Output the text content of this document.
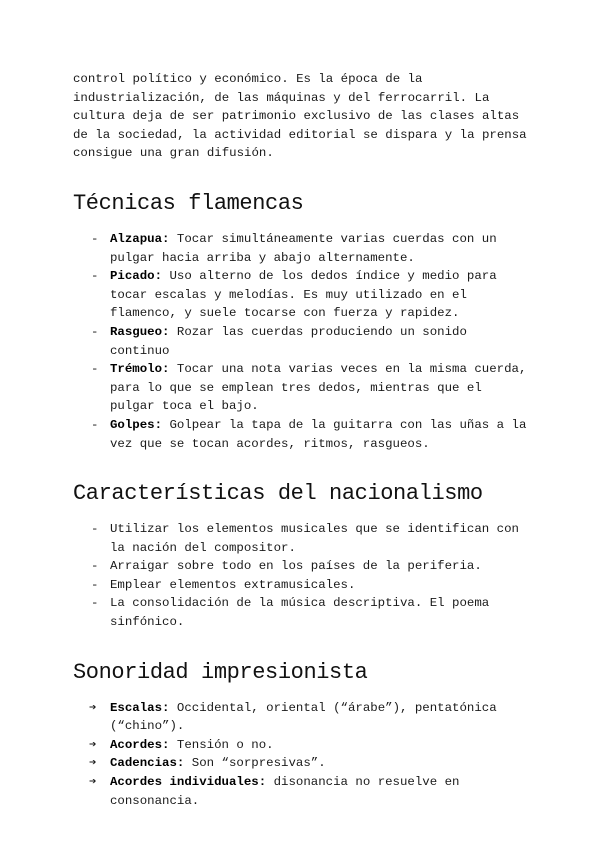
control político y económico. Es la época de la industrialización, de las máquinas y del ferrocarril. La cultura deja de ser patrimonio exclusivo de las clases altas de la sociedad, la actividad editorial se dispara y la prensa consigue una gran difusión.

Técnicas flamencas
- Alzapua: Tocar simultáneamente varias cuerdas con un pulgar hacia arriba y abajo alternamente.
- Picado: Uso alterno de los dedos índice y medio para tocar escalas y melodías. Es muy utilizado en el flamenco, y suele tocarse con fuerza y rapidez.
- Rasgueo: Rozar las cuerdas produciendo un sonido continuo
- Trémolo: Tocar una nota varias veces en la misma cuerda, para lo que se emplean tres dedos, mientras que el pulgar toca el bajo.
- Golpes: Golpear la tapa de la guitarra con las uñas a la vez que se tocan acordes, ritmos, rasgueos.
Características del nacionalismo
- Utilizar los elementos musicales que se identifican con la nación del compositor.
- Arraigar sobre todo en los países de la periferia.
- Emplear elementos extramusicales.
- La consolidación de la música descriptiva. El poema sinfónico.
Sonoridad impresionista
➔ Escalas: Occidental, oriental (“árabe”), pentatónica (“chino”).
➔ Acordes: Tensión o no.
➔ Cadencias: Son “sorpresivas”.
➔ Acordes individuales: disonancia no resuelve en consonancia.
